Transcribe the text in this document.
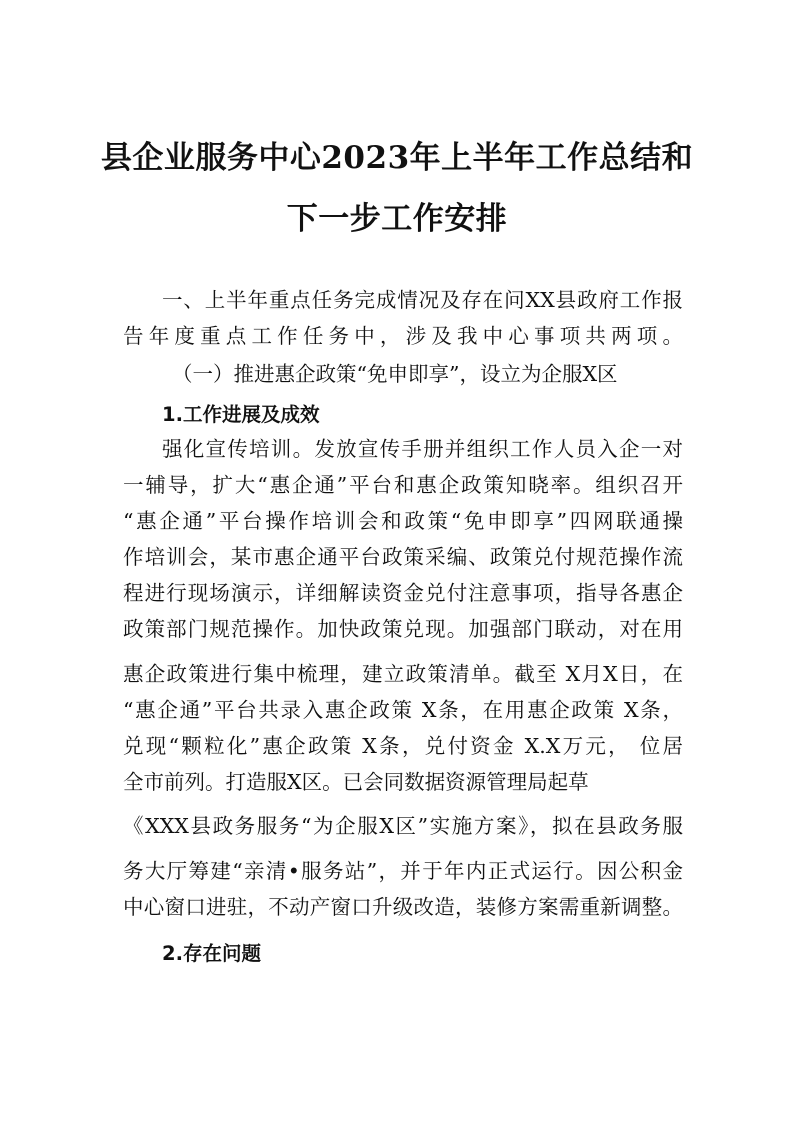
县企业服务中心2023年上半年工作总结和
下一步工作安排
一、上半年重点任务完成情况及存在问XX县政府工作报
告年度重点工作任务中，涉及我中心事项共两项。
（一）推进惠企政策“免申即享”，设立为企服X区
1.工作进展及成效
强化宣传培训。发放宣传手册并组织工作人员入企一对
一辅导，扩大“惠企通”平台和惠企政策知晓率。组织召开
“惠企通”平台操作培训会和政策“免申即享”四网联通操
作培训会，某市惠企通平台政策采编、政策兑付规范操作流
程进行现场演示，详细解读资金兑付注意事项，指导各惠企
政策部门规范操作。加快政策兑现。加强部门联动，对在用
惠企政策进行集中梳理，建立政策清单。截至 X月X日，在
“惠企通”平台共录入惠企政策 X条，在用惠企政策 X条，
兑现“颗粒化”惠企政策 X条，兑付资金 X.X万元， 位居
全市前列。打造服X区。已会同数据资源管理局起草
《XXX县政务服务“为企服X区”实施方案》，拟在县政务服
务大厅筹建“亲清•服务站”，并于年内正式运行。因公积金
中心窗口进驻，不动产窗口升级改造，装修方案需重新调整。
2.存在问题
